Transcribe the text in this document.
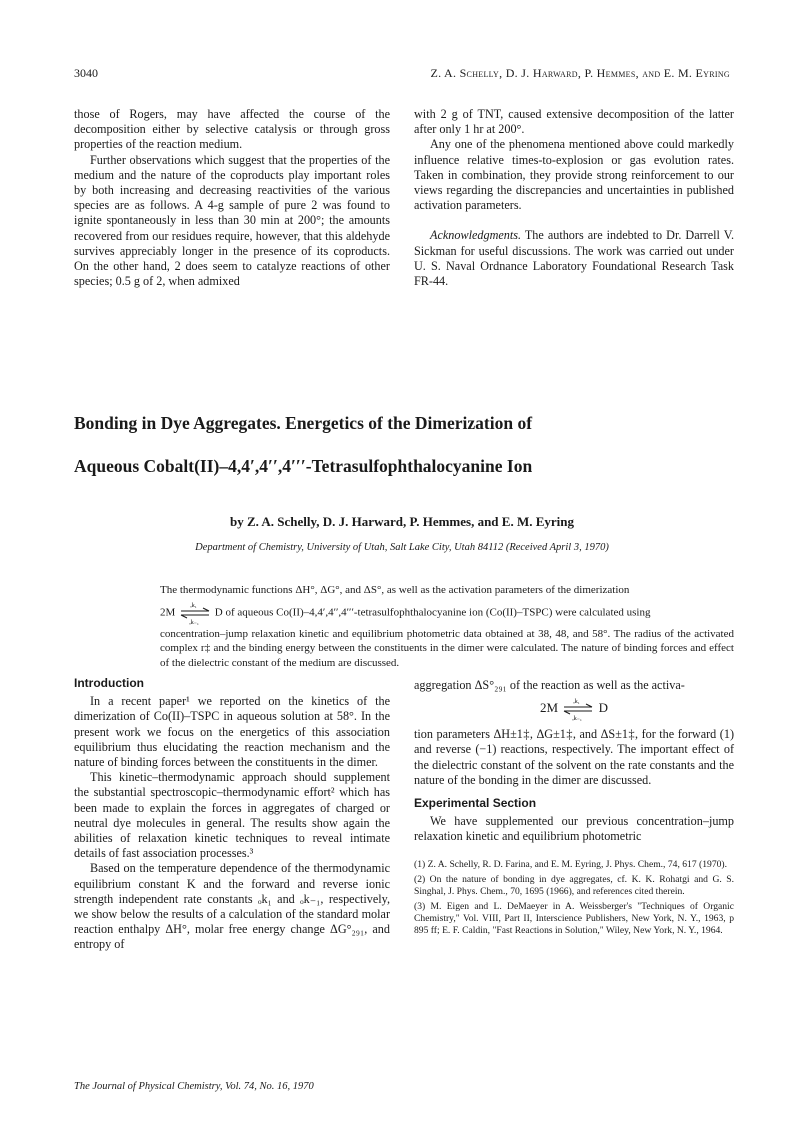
3040	Z. A. Schelly, D. J. Harward, P. Hemmes, and E. M. Eyring

those of Rogers, may have affected the course of the decomposition either by selective catalysis or through gross properties of the reaction medium.

Further observations which suggest that the properties of the medium and the nature of the coproducts play important roles by both increasing and decreasing reactivities of the various species are as follows. A 4-g sample of pure 2 was found to ignite spontaneously in less than 30 min at 200°; the amounts recovered from our residues require, however, that this aldehyde survives appreciably longer in the presence of its coproducts. On the other hand, 2 does seem to catalyze reactions of other species; 0.5 g of 2, when admixed

with 2 g of TNT, caused extensive decomposition of the latter after only 1 hr at 200°.

Any one of the phenomena mentioned above could markedly influence relative times-to-explosion or gas evolution rates. Taken in combination, they provide strong reinforcement to our views regarding the discrepancies and uncertainties in published activation parameters.

Acknowledgments. The authors are indebted to Dr. Darrell V. Sickman for useful discussions. The work was carried out under U. S. Naval Ordnance Laboratory Foundational Research Task FR-44.

Bonding in Dye Aggregates. Energetics of the Dimerization of
Aqueous Cobalt(II)–4,4′,4′′,4′′′-Tetrasulfophthalocyanine Ion
by Z. A. Schelly, D. J. Harward, P. Hemmes, and E. M. Eyring
Department of Chemistry, University of Utah, Salt Lake City, Utah 84112 (Received April 3, 1970)

The thermodynamic functions ΔH°, ΔG°, and ΔS°, as well as the activation parameters of the dimerization

2M
ₒk₁
ₒk₋₁
D of aqueous Co(II)–4,4′,4′′,4′′′-tetrasulfophthalocyanine ion (Co(II)–TSPC) were calculated using

concentration–jump relaxation kinetic and equilibrium photometric data obtained at 38, 48, and 58°. The radius of the activated complex r‡ and the binding energy between the constituents in the dimer were calculated. The nature of binding forces and effect of the dielectric constant of the medium are discussed.

Introduction

In a recent paper¹ we reported on the kinetics of the dimerization of Co(II)–TSPC in aqueous solution at 58°. In the present work we focus on the energetics of this association equilibrium thus elucidating the reaction mechanism and the nature of binding forces between the constituents in the dimer.

This kinetic–thermodynamic approach should supplement the substantial spectroscopic–thermodynamic effort² which has been made to explain the forces in aggregates of charged or neutral dye molecules in general. The results show again the abilities of relaxation kinetic techniques to reveal intimate details of fast association processes.³

Based on the temperature dependence of the thermodynamic equilibrium constant K and the forward and reverse ionic strength independent rate constants ₒk₁ and ₒk₋₁, respectively, we show below the results of a calculation of the standard molar reaction enthalpy ΔH°, molar free energy change ΔG°₂₉₁, and entropy of

aggregation ΔS°₂₉₁ of the reaction as well as the activa-

2M	ₒk₁
ₒk₋₁
D

tion parameters ΔH±1‡, ΔG±1‡, and ΔS±1‡, for the forward (1) and reverse (−1) reactions, respectively. The important effect of the dielectric constant of the solvent on the rate constants and the nature of the bonding in the dimer are discussed.

Experimental Section

We have supplemented our previous concentration–jump relaxation kinetic and equilibrium photometric

(1) Z. A. Schelly, R. D. Farina, and E. M. Eyring, J. Phys. Chem., 74, 617 (1970).

(2) On the nature of bonding in dye aggregates, cf. K. K. Rohatgi and G. S. Singhal, J. Phys. Chem., 70, 1695 (1966), and references cited therein.

(3) M. Eigen and L. DeMaeyer in A. Weissberger's "Techniques of Organic Chemistry," Vol. VIII, Part II, Interscience Publishers, New York, N. Y., 1963, p 895 ff; E. F. Caldin, "Fast Reactions in Solution," Wiley, New York, N. Y., 1964.

The Journal of Physical Chemistry, Vol. 74, No. 16, 1970
